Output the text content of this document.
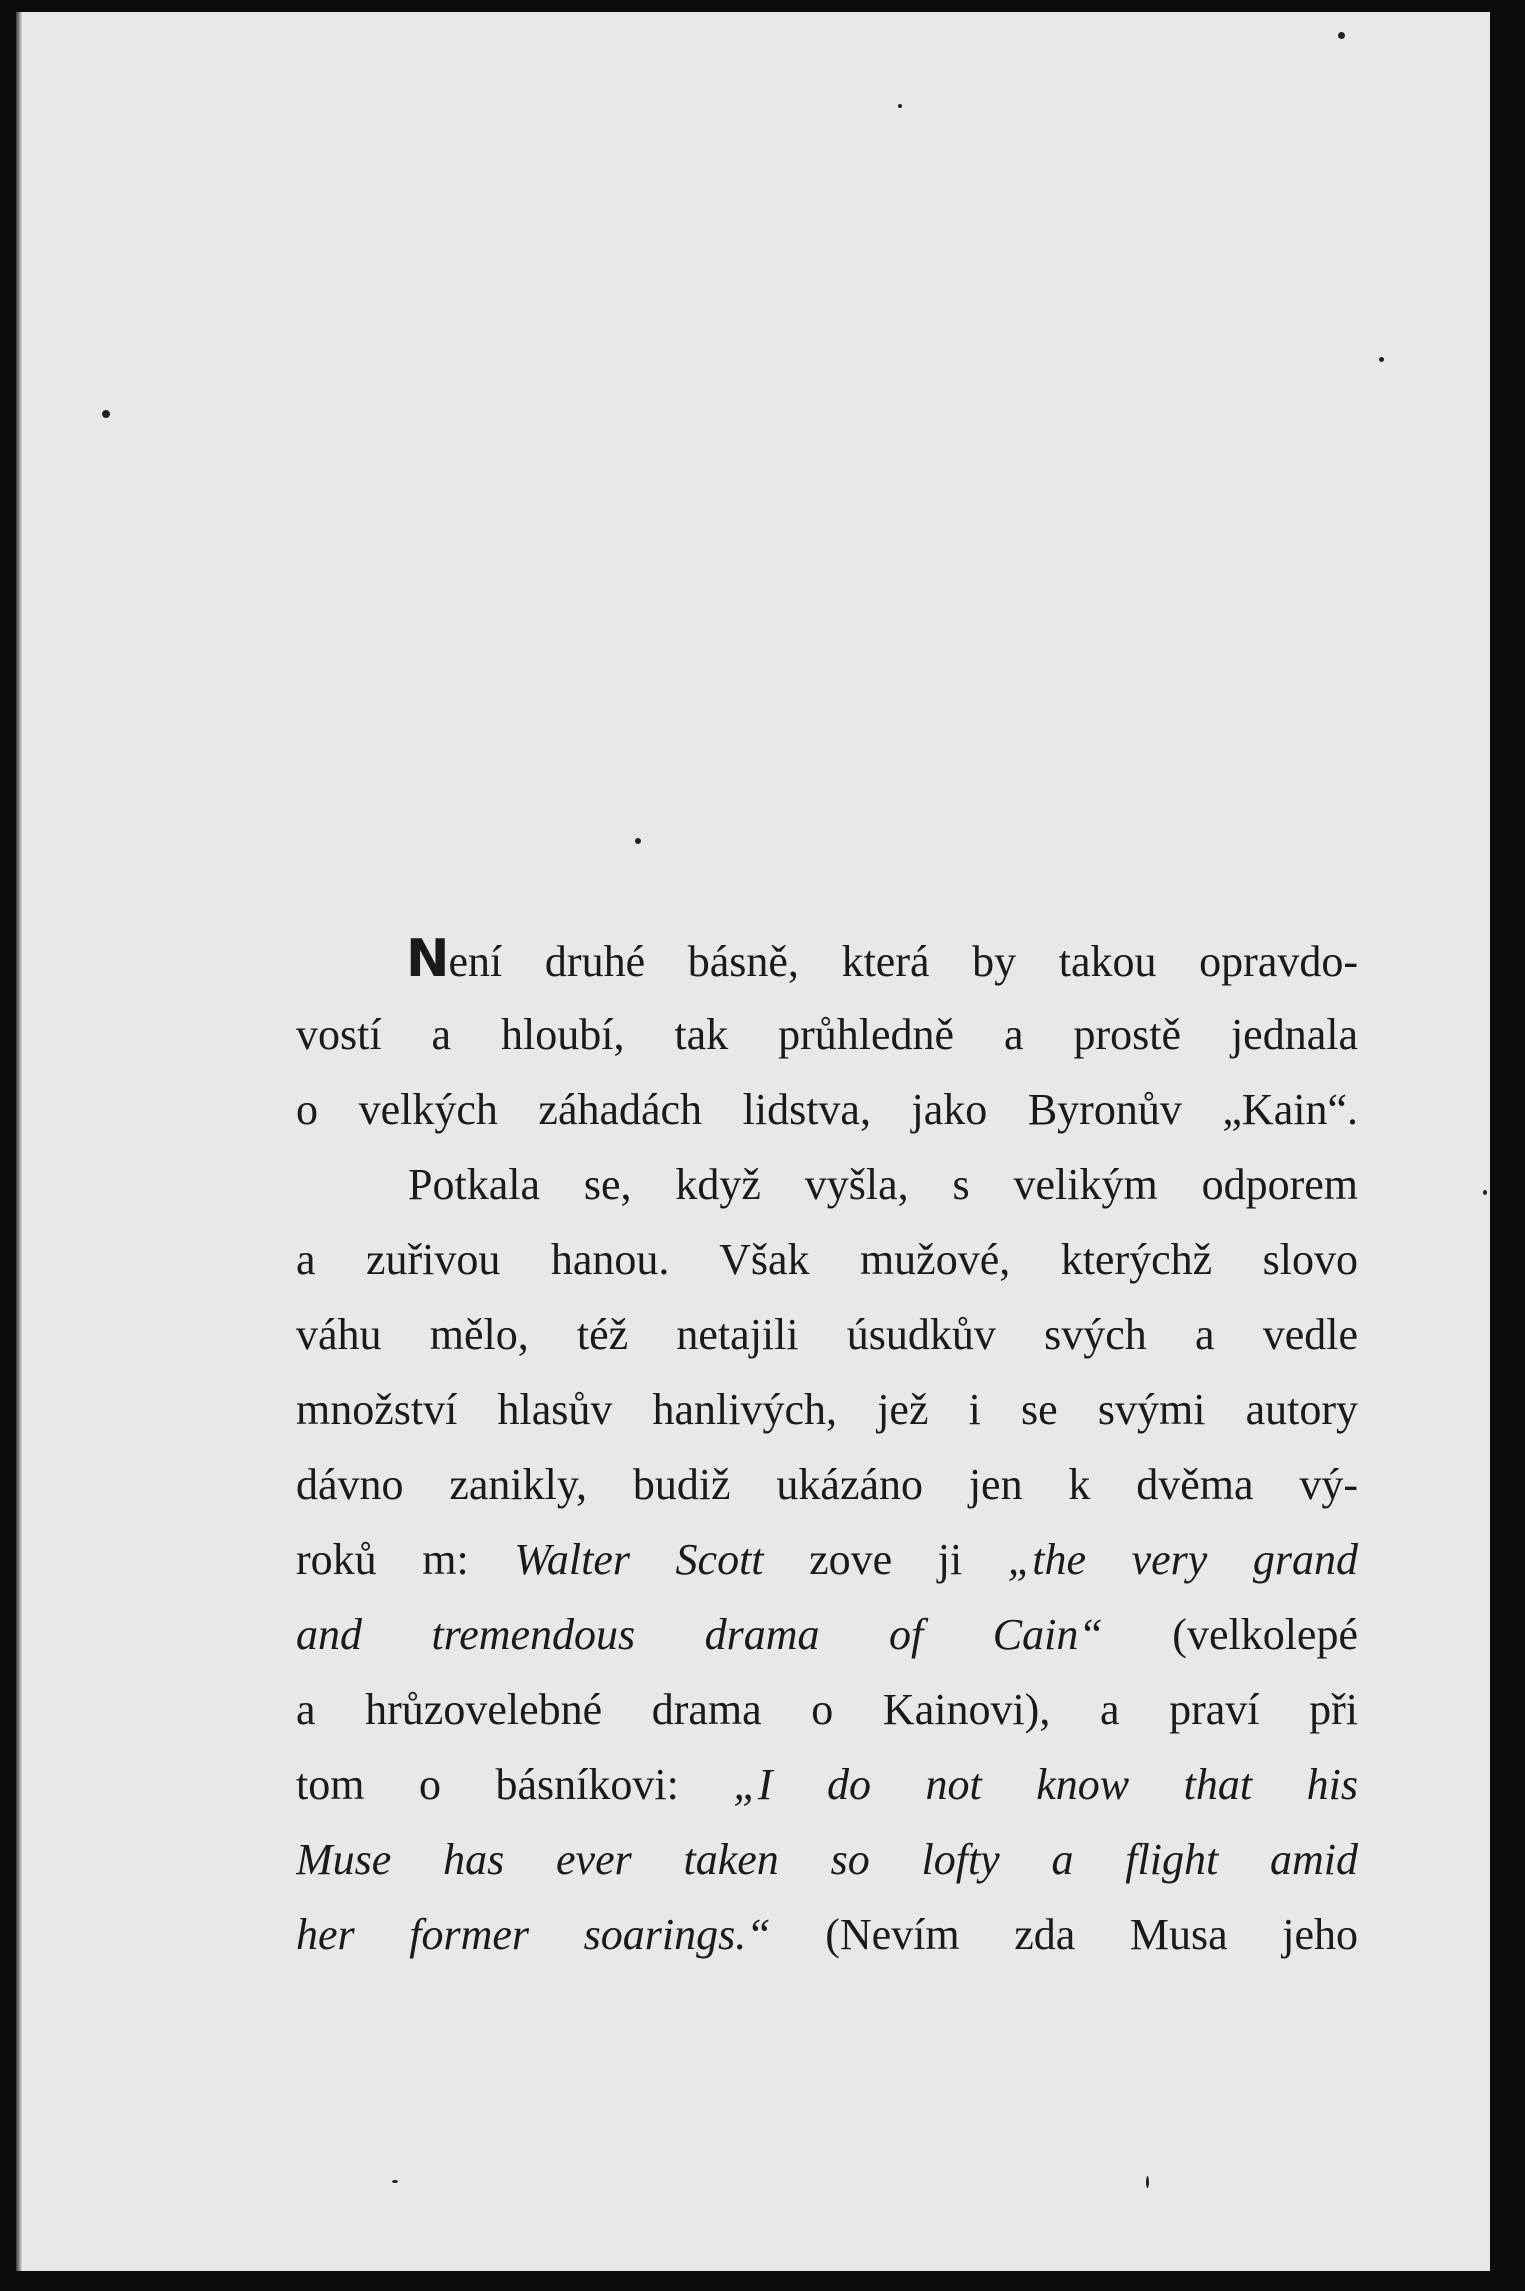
Není druhé básně, která by takou opravdo-
vostí a hloubí, tak průhledně a prostě jednala
o velkých záhadách lidstva, jako Byronův „Kain“.
Potkala se, když vyšla, s velikým odporem
a zuřivou hanou. Však mužové, kterýchž slovo
váhu mělo, též netajili úsudkův svých a vedle
množství hlasův hanlivých, jež i se svými autory
dávno zanikly, budiž ukázáno jen k dvěma vý-
roků m: Walter Scott zove ji „the very grand
and tremendous drama of Cain“ (velkolepé
a hrůzovelebné drama o Kainovi), a praví při
tom o básníkovi: „I do not know that his
Muse has ever taken so lofty a flight amid
her former soarings.“ (Nevím zda Musa jeho
